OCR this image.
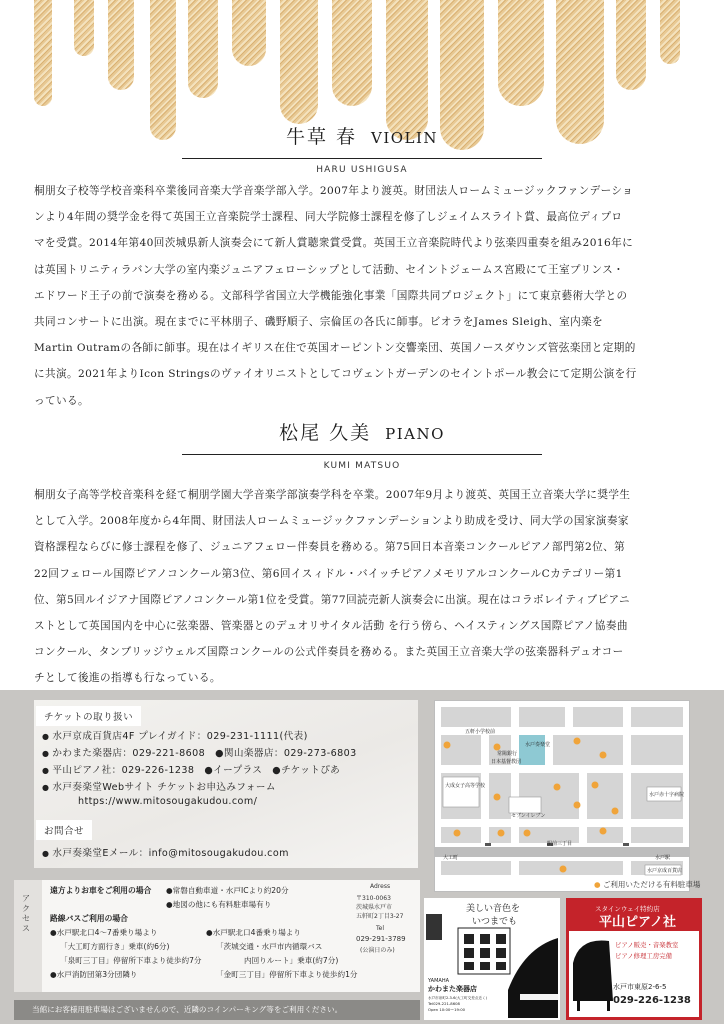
牛草 春 VIOLIN
HARU USHIGUSA
桐朋女子校等学校音楽科卒業後同音楽大学音楽学部入学。2007年より渡英。財団法人ロームミュージックファンデーショ
ンより4年間の奨学金を得て英国王立音楽院学士課程、同大学院修士課程を修了しジェイムスライト賞、最高位ディプロ
マを受賞。2014年第40回茨城県新人演奏会にて新人賞聴衆賞受賞。英国王立音楽院時代より弦楽四重奏を組み2016年に
は英国トリニティラバン大学の室内楽ジュニアフェローシップとして活動、セイントジェームス宮殿にて王室プリンス・
エドワード王子の前で演奏を務める。文部科学省国立大学機能強化事業「国際共同プロジェクト」にて東京藝術大学との
共同コンサートに出演。現在までに平林朋子、磯野順子、宗倫匡の各氏に師事。ビオラをJames Sleigh、室内楽を
Martin Outramの各師に師事。現在はイギリス在住で英国オーピントン交響楽団、英国ノースダウンズ管弦楽団と定期的
に共演。2021年よりIcon Stringsのヴァイオリニストとしてコヴェントガーデンのセイントポール教会にて定期公演を行
っている。
松尾 久美 PIANO
KUMI MATSUO
桐朋女子高等学校音楽科を経て桐朋学園大学音楽学部演奏学科を卒業。2007年9月より渡英、英国王立音楽大学に奨学生
として入学。2008年度から4年間、財団法人ロームミュージックファンデーションより助成を受け、同大学の国家演奏家
資格課程ならびに修士課程を修了、ジュニアフェロー伴奏員を務める。第75回日本音楽コンクールピアノ部門第2位、第
22回フェロール国際ピアノコンクール第3位、第6回イスィドル・バイッチピアノメモリアルコンクールCカテゴリー第1
位、第5回ルイジアナ国際ピアノコンクール第1位を受賞。第77回読売新人演奏会に出演。現在はコラボレイティブピアニ
ストとして英国国内を中心に弦楽器、管楽器とのデュオリサイタル活動 を行う傍ら、ヘイスティングス国際ピアノ協奏曲
コンクール、タンブリッジウェルズ国際コンクールの公式伴奏員を務める。また英国王立音楽大学の弦楽器科デュオコー
チとして後進の指導も行なっている。
チケットの取り扱い
● 水戸京成百貨店4F プレイガイド：029-231-1111(代表)
● かわまた楽器店：029-221-8608　●関山楽器店：029-273-6803
● 平山ピアノ社：029-226-1238　●イープラス　●チケットぴあ
● 水戸奏楽堂Webサイト チケットお申込みフォーム
https://www.mitosougakudou.com/
お問合せ
● 水戸奏楽堂Eメール：info@mitosougakudou.com
水戸奏楽堂
大成女子高等学校
日本基督教団
常陽銀行
セブンイレブン
水戸赤十字病院
水戸京成百貨店
大工町	水戸駅
駅前三丁目
五軒小学校前
● ご利用いただける有料駐車場
アクセス
遠方よりお車をご利用の場合 ●常磐自動車道・水戸ICより約20分
●地図の他にも有料駐車場有り
路線バスご利用の場合
●水戸駅北口4〜7番乗り場より
「大工町方面行き」乗車(約6分)
「泉町三丁目」停留所下車より徒歩約7分
●水戸消防団第3分団隣り
●水戸駅北口4番乗り場より
「茨城交通・水戸市内循環バス
内回りルート」乗車(約7分)
「金町三丁目」停留所下車より徒歩約1分
Adress
〒310-0063
茨城県水戸市
五軒町2丁目3-27
Tel
029-291-3789
(公演日のみ)
当館にお客様用駐車場はございませんので、近隣のコインパーキング等をご利用ください。
美しい音色を
いつまでも
YAMAHA
かわまた楽器店
水戸市泉町2-3-6(大工町交差点近く)
Tel029-221-8608
Open 10:00〜19:00
スタインウェイ特約店
平山ピアノ社
ピアノ販売・音楽教室
ピアノ修理工房完備
水戸市東原2-6-5
029-226-1238
